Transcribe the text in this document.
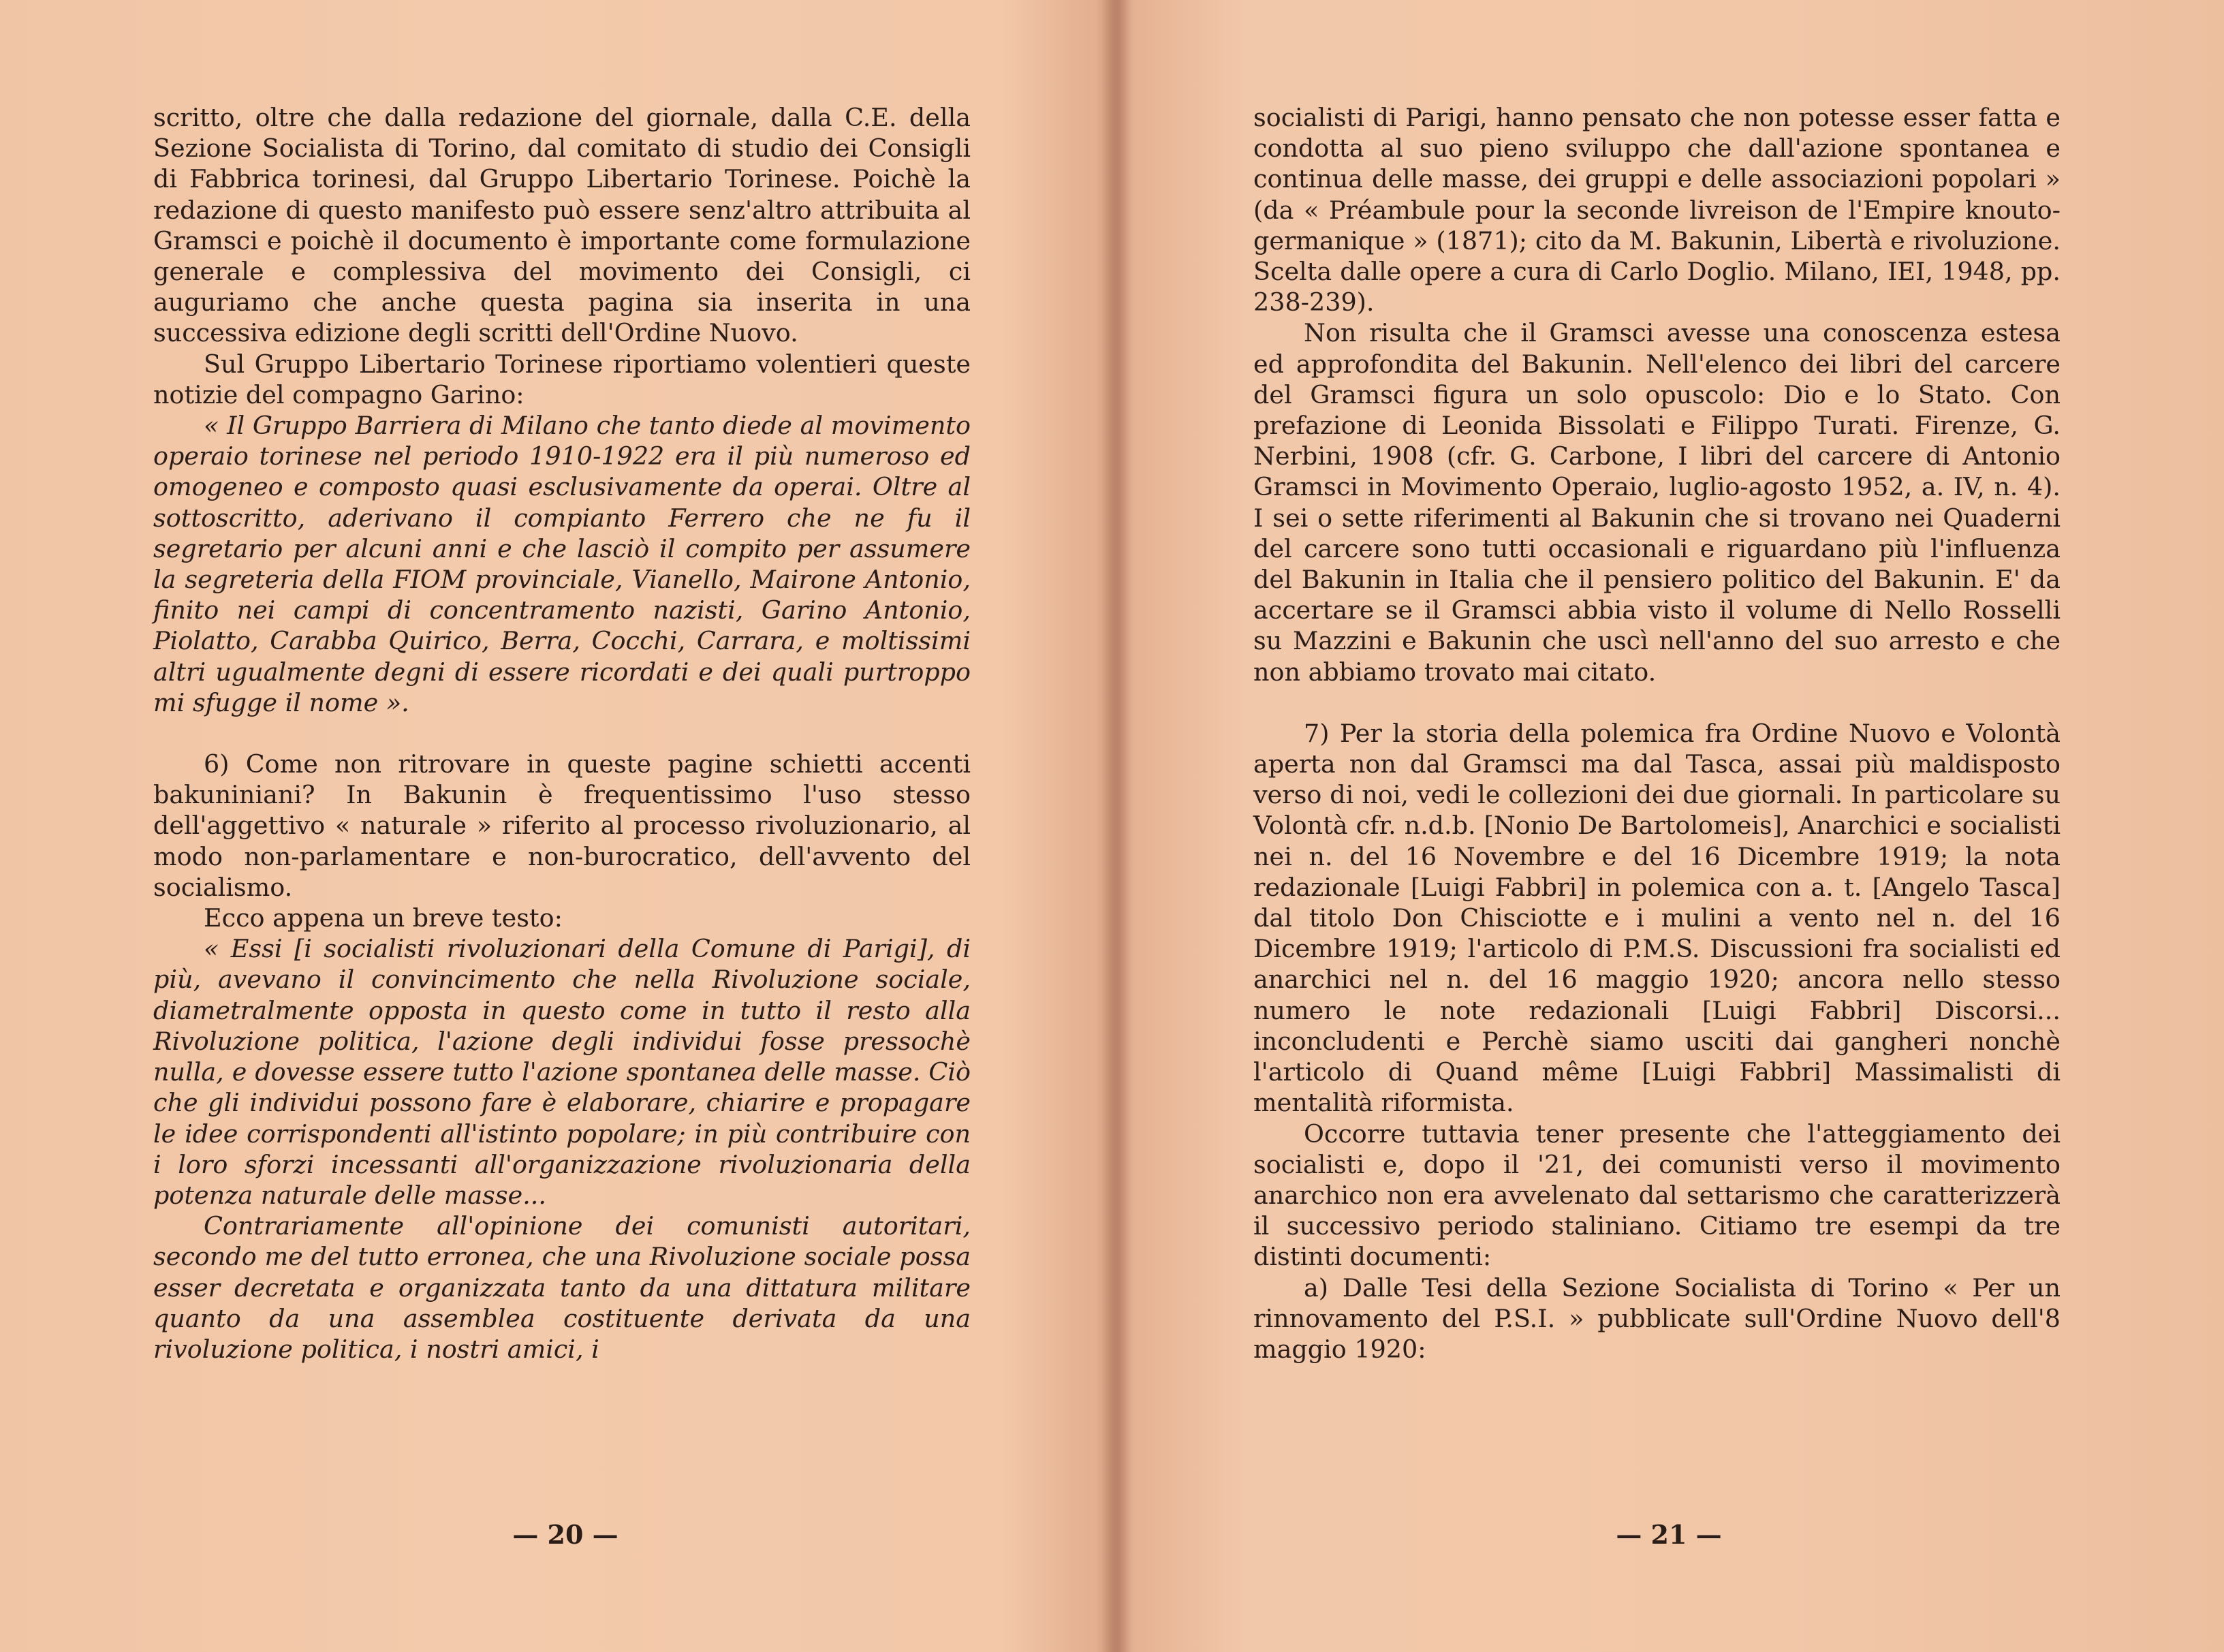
scritto, oltre che dalla redazione del giornale, dalla C.E. della Sezione Socialista di Torino, dal comitato di studio dei Consigli di Fabbrica torinesi, dal Gruppo Libertario Torinese. Poichè la redazione di questo manifesto può essere senz'altro attribuita al Gramsci e poichè il documento è importante come formulazione generale e complessiva del movimento dei Consigli, ci auguriamo che anche questa pagina sia inserita in una successiva edizione degli scritti dell'Ordine Nuovo.

Sul Gruppo Libertario Torinese riportiamo volentieri queste notizie del compagno Garino:

« Il Gruppo Barriera di Milano che tanto diede al movimento operaio torinese nel periodo 1910-1922 era il più numeroso ed omogeneo e composto quasi esclusivamente da operai. Oltre al sottoscritto, aderivano il compianto Ferrero che ne fu il segretario per alcuni anni e che lasciò il compito per assumere la segreteria della FIOM provinciale, Vianello, Mairone Antonio, finito nei campi di concentramento nazisti, Garino Antonio, Piolatto, Carabba Quirico, Berra, Cocchi, Carrara, e moltissimi altri ugualmente degni di essere ricordati e dei quali purtroppo mi sfugge il nome ».

6) Come non ritrovare in queste pagine schietti accenti bakuniniani? In Bakunin è frequentissimo l'uso stesso dell'aggettivo « naturale » riferito al processo rivoluzionario, al modo non-parlamentare e non-burocratico, dell'avvento del socialismo.

Ecco appena un breve testo:

« Essi [i socialisti rivoluzionari della Comune di Parigi], di più, avevano il convincimento che nella Rivoluzione sociale, diametralmente opposta in questo come in tutto il resto alla Rivoluzione politica, l'azione degli individui fosse pressochè nulla, e dovesse essere tutto l'azione spontanea delle masse. Ciò che gli individui possono fare è elaborare, chiarire e propagare le idee corrispondenti all'istinto popolare; in più contribuire con i loro sforzi incessanti all'organizzazione rivoluzionaria della potenza naturale delle masse...

Contrariamente all'opinione dei comunisti autoritari, secondo me del tutto erronea, che una Rivoluzione sociale possa esser decretata e organizzata tanto da una dittatura militare quanto da una assemblea costituente derivata da una rivoluzione politica, i nostri amici, i

socialisti di Parigi, hanno pensato che non potesse esser fatta e condotta al suo pieno sviluppo che dall'azione spontanea e continua delle masse, dei gruppi e delle associazioni popolari » (da « Préambule pour la seconde livreison de l'Empire knouto-germanique » (1871); cito da M. Bakunin, Libertà e rivoluzione. Scelta dalle opere a cura di Carlo Doglio. Milano, IEI, 1948, pp. 238-239).

Non risulta che il Gramsci avesse una conoscenza estesa ed approfondita del Bakunin. Nell'elenco dei libri del carcere del Gramsci figura un solo opuscolo: Dio e lo Stato. Con prefazione di Leonida Bissolati e Filippo Turati. Firenze, G. Nerbini, 1908 (cfr. G. Carbone, I libri del carcere di Antonio Gramsci in Movimento Operaio, luglio-agosto 1952, a. IV, n. 4). I sei o sette riferimenti al Bakunin che si trovano nei Quaderni del carcere sono tutti occasionali e riguardano più l'influenza del Bakunin in Italia che il pensiero politico del Bakunin. E' da accertare se il Gramsci abbia visto il volume di Nello Rosselli su Mazzini e Bakunin che uscì nell'anno del suo arresto e che non abbiamo trovato mai citato.

7) Per la storia della polemica fra Ordine Nuovo e Volontà aperta non dal Gramsci ma dal Tasca, assai più maldisposto verso di noi, vedi le collezioni dei due giornali. In particolare su Volontà cfr. n.d.b. [Nonio De Bartolomeis], Anarchici e socialisti nei n. del 16 Novembre e del 16 Dicembre 1919; la nota redazionale [Luigi Fabbri] in polemica con a. t. [Angelo Tasca] dal titolo Don Chisciotte e i mulini a vento nel n. del 16 Dicembre 1919; l'articolo di P.M.S. Discussioni fra socialisti ed anarchici nel n. del 16 maggio 1920; ancora nello stesso numero le note redazionali [Luigi Fabbri] Discorsi... inconcludenti e Perchè siamo usciti dai gangheri nonchè l'articolo di Quand même [Luigi Fabbri] Massimalisti di mentalità riformista.

Occorre tuttavia tener presente che l'atteggiamento dei socialisti e, dopo il '21, dei comunisti verso il movimento anarchico non era avvelenato dal settarismo che caratterizzerà il successivo periodo staliniano. Citiamo tre esempi da tre distinti documenti:

a) Dalle Tesi della Sezione Socialista di Torino « Per un rinnovamento del P.S.I. » pubblicate sull'Ordine Nuovo dell'8 maggio 1920:

— 20 —	— 21 —
